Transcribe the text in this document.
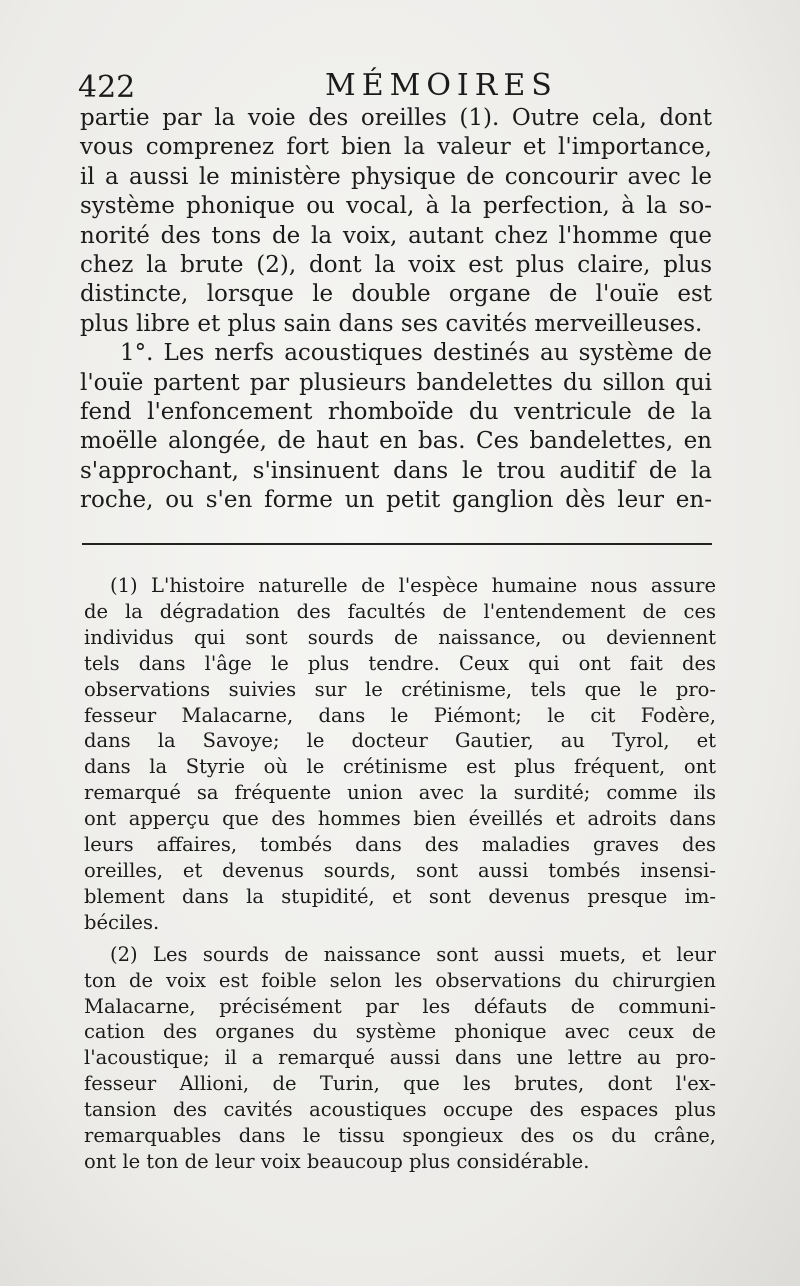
422	MÉMOIRES
partie par la voie des oreilles (1). Outre cela, dont
vous comprenez fort bien la valeur et l'importance,
il a aussi le ministère physique de concourir avec le
système phonique ou vocal, à la perfection, à la so-
norité des tons de la voix, autant chez l'homme que
chez la brute (2), dont la voix est plus claire, plus
distincte, lorsque le double organe de l'ouïe est
plus libre et plus sain dans ses cavités merveilleuses.
1°. Les nerfs acoustiques destinés au système de
l'ouïe partent par plusieurs bandelettes du sillon qui
fend l'enfoncement rhomboïde du ventricule de la
moëlle alongée, de haut en bas. Ces bandelettes, en
s'approchant, s'insinuent dans le trou auditif de la
roche, ou s'en forme un petit ganglion dès leur en-
(1) L'histoire naturelle de l'espèce humaine nous assure
de la dégradation des facultés de l'entendement de ces
individus qui sont sourds de naissance, ou deviennent
tels dans l'âge le plus tendre. Ceux qui ont fait des
observations suivies sur le crétinisme, tels que le pro-
fesseur Malacarne, dans le Piémont; le cit Fodère,
dans la Savoye; le docteur Gautier, au Tyrol, et
dans la Styrie où le crétinisme est plus fréquent, ont
remarqué sa fréquente union avec la surdité; comme ils
ont apperçu que des hommes bien éveillés et adroits dans
leurs affaires, tombés dans des maladies graves des
oreilles, et devenus sourds, sont aussi tombés insensi-
blement dans la stupidité, et sont devenus presque im-
béciles.
(2) Les sourds de naissance sont aussi muets, et leur
ton de voix est foible selon les observations du chirurgien
Malacarne, précisément par les défauts de communi-
cation des organes du système phonique avec ceux de
l'acoustique; il a remarqué aussi dans une lettre au pro-
fesseur Allioni, de Turin, que les brutes, dont l'ex-
tansion des cavités acoustiques occupe des espaces plus
remarquables dans le tissu spongieux des os du crâne,
ont le ton de leur voix beaucoup plus considérable.
